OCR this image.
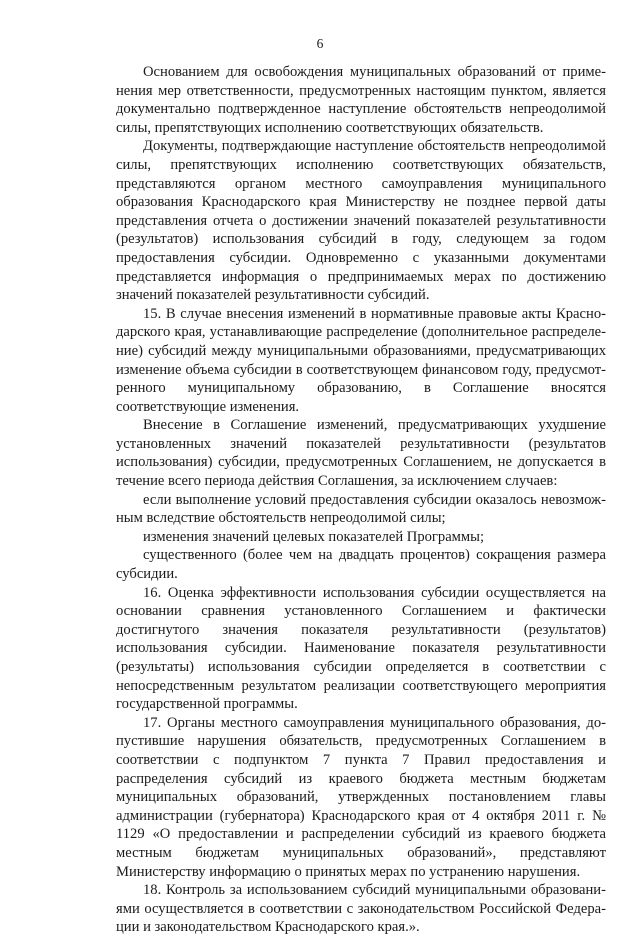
6

Основанием для освобождения муниципальных образований от применения мер ответственности, предусмотренных настоящим пунктом, является документально подтвержденное наступление обстоятельств непреодолимой силы, препятствующих исполнению соответствующих обязательств.

Документы, подтверждающие наступление обстоятельств непреодолимой силы, препятствующих исполнению соответствующих обязательств, представляются органом местного самоуправления муниципального образования Краснодарского края Министерству не позднее первой даты представления отчета о достижении значений показателей результативности (результатов) использования субсидий в году, следующем за годом предоставления субсидии. Одновременно с указанными документами представляется информация о предпринимаемых мерах по достижению значений показателей результативности субсидий.

15. В случае внесения изменений в нормативные правовые акты Краснодарского края, устанавливающие распределение (дополнительное распределение) субсидий между муниципальными образованиями, предусматривающих изменение объема субсидии в соответствующем финансовом году, предусмотренного муниципальному образованию, в Соглашение вносятся соответствующие изменения.

Внесение в Соглашение изменений, предусматривающих ухудшение установленных значений показателей результативности (результатов использования) субсидии, предусмотренных Соглашением, не допускается в течение всего периода действия Соглашения, за исключением случаев:

если выполнение условий предоставления субсидии оказалось невозможным вследствие обстоятельств непреодолимой силы;

изменения значений целевых показателей Программы;

существенного (более чем на двадцать процентов) сокращения размера субсидии.

16. Оценка эффективности использования субсидии осуществляется на основании сравнения установленного Соглашением и фактически достигнутого значения показателя результативности (результатов) использования субсидии. Наименование показателя результативности (результаты) использования субсидии определяется в соответствии с непосредственным результатом реализации соответствующего мероприятия государственной программы.

17. Органы местного самоуправления муниципального образования, допустившие нарушения обязательств, предусмотренных Соглашением в соответствии с подпунктом 7 пункта 7 Правил предоставления и распределения субсидий из краевого бюджета местным бюджетам муниципальных образований, утвержденных постановлением главы администрации (губернатора) Краснодарского края от 4 октября 2011 г. № 1129 «О предоставлении и распределении субсидий из краевого бюджета местным бюджетам муниципальных образований», представляют Министерству информацию о принятых мерах по устранению нарушения.

18. Контроль за использованием субсидий муниципальными образованиями осуществляется в соответствии с законодательством Российской Федерации и законодательством Краснодарского края.».
